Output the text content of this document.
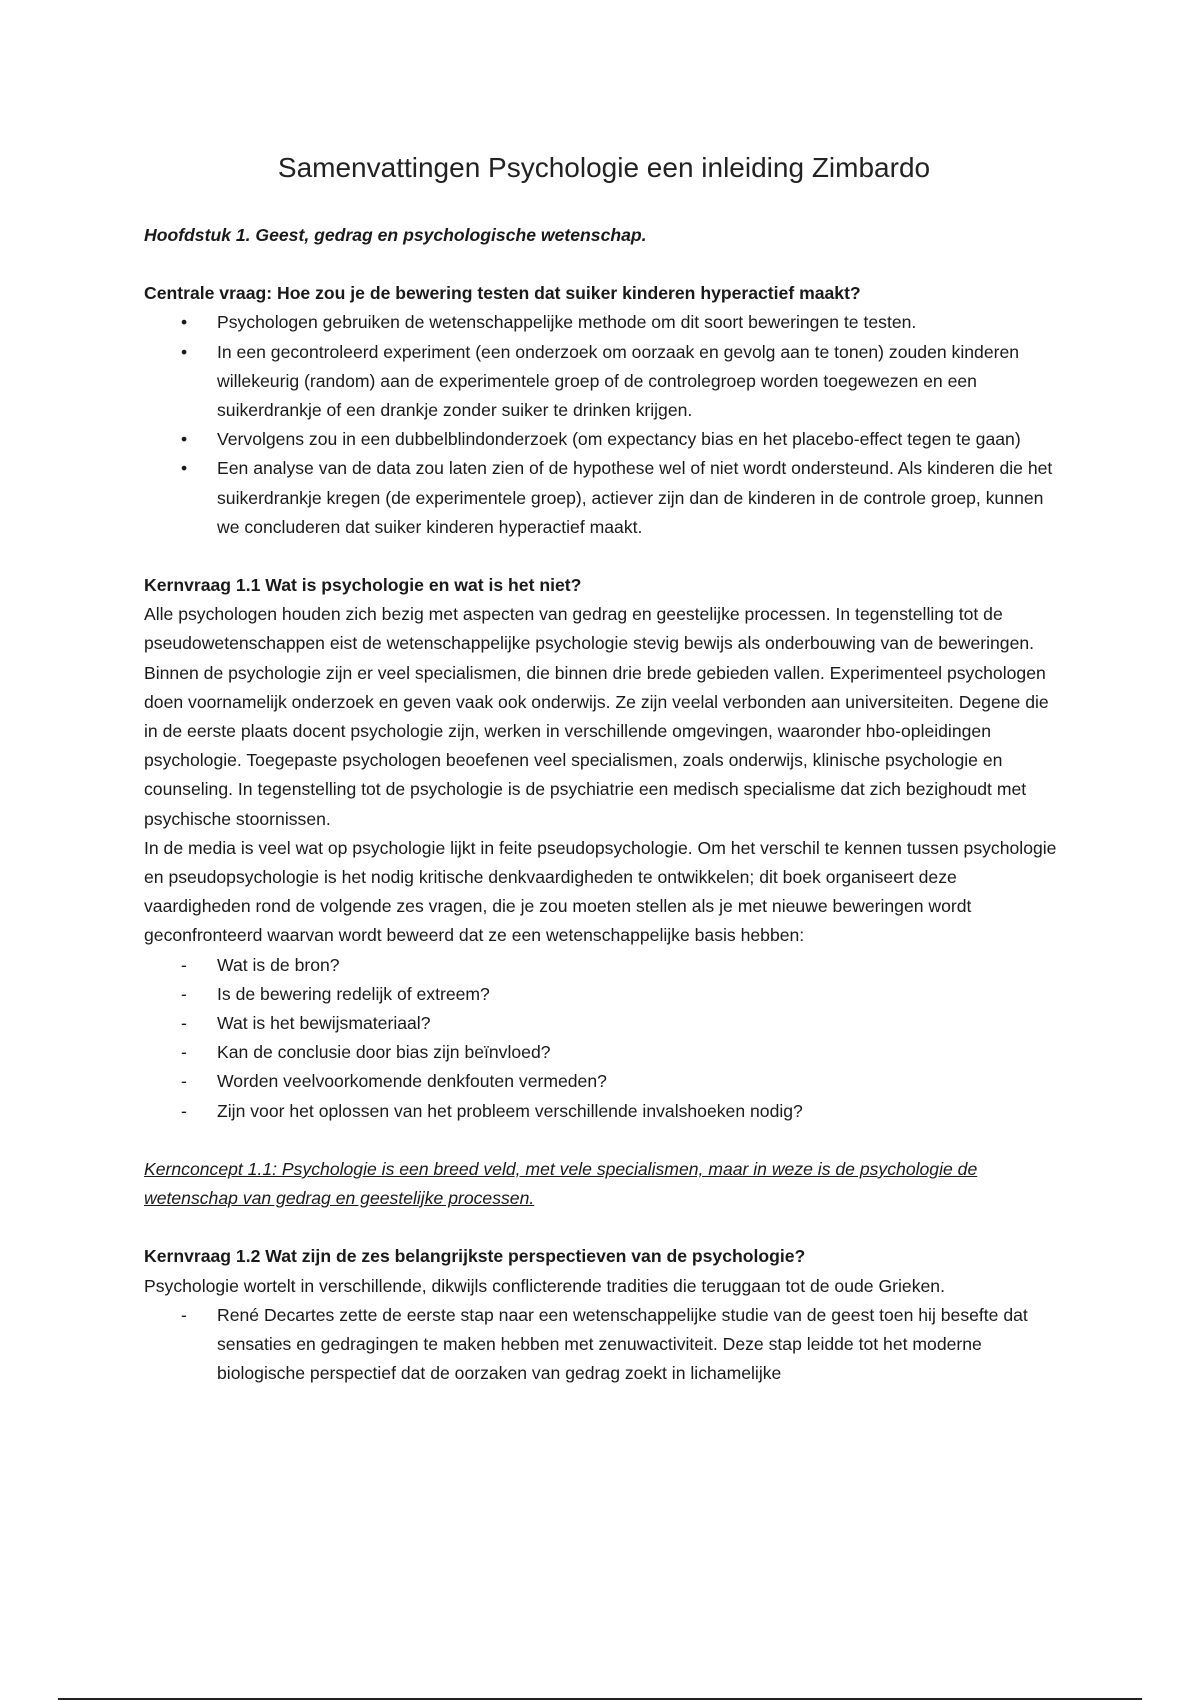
Samenvattingen Psychologie een inleiding Zimbardo

Hoofdstuk 1. Geest, gedrag en psychologische wetenschap.

Centrale vraag: Hoe zou je de bewering testen dat suiker kinderen hyperactief maakt?

• Psychologen gebruiken de wetenschappelijke methode om dit soort beweringen te testen.
• In een gecontroleerd experiment (een onderzoek om oorzaak en gevolg aan te tonen) zouden kinderen willekeurig (random) aan de experimentele groep of de controlegroep worden toegewezen en een suikerdrankje of een drankje zonder suiker te drinken krijgen.
• Vervolgens zou in een dubbelblindonderzoek (om expectancy bias en het placebo-effect tegen te gaan)
• Een analyse van de data zou laten zien of de hypothese wel of niet wordt ondersteund. Als kinderen die het suikerdrankje kregen (de experimentele groep), actiever zijn dan de kinderen in de controle groep, kunnen we concluderen dat suiker kinderen hyperactief maakt.

Kernvraag 1.1 Wat is psychologie en wat is het niet?

Alle psychologen houden zich bezig met aspecten van gedrag en geestelijke processen. In tegenstelling tot de pseudowetenschappen eist de wetenschappelijke psychologie stevig bewijs als onderbouwing van de beweringen. Binnen de psychologie zijn er veel specialismen, die binnen drie brede gebieden vallen. Experimenteel psychologen doen voornamelijk onderzoek en geven vaak ook onderwijs. Ze zijn veelal verbonden aan universiteiten. Degene die in de eerste plaats docent psychologie zijn, werken in verschillende omgevingen, waaronder hbo-opleidingen psychologie. Toegepaste psychologen beoefenen veel specialismen, zoals onderwijs, klinische psychologie en counseling. In tegenstelling tot de psychologie is de psychiatrie een medisch specialisme dat zich bezighoudt met psychische stoornissen.

In de media is veel wat op psychologie lijkt in feite pseudopsychologie. Om het verschil te kennen tussen psychologie en pseudopsychologie is het nodig kritische denkvaardigheden te ontwikkelen; dit boek organiseert deze vaardigheden rond de volgende zes vragen, die je zou moeten stellen als je met nieuwe beweringen wordt geconfronteerd waarvan wordt beweerd dat ze een wetenschappelijke basis hebben:

- Wat is de bron?
- Is de bewering redelijk of extreem?
- Wat is het bewijsmateriaal?
- Kan de conclusie door bias zijn beïnvloed?
- Worden veelvoorkomende denkfouten vermeden?
- Zijn voor het oplossen van het probleem verschillende invalshoeken nodig?

Kernconcept 1.1: Psychologie is een breed veld, met vele specialismen, maar in weze is de psychologie de wetenschap van gedrag en geestelijke processen.

Kernvraag 1.2 Wat zijn de zes belangrijkste perspectieven van de psychologie?

Psychologie wortelt in verschillende, dikwijls conflicterende tradities die teruggaan tot de oude Grieken.

- René Decartes zette de eerste stap naar een wetenschappelijke studie van de geest toen hij besefte dat sensaties en gedragingen te maken hebben met zenuwactiviteit. Deze stap leidde tot het moderne biologische perspectief dat de oorzaken van gedrag zoekt in lichamelijke
